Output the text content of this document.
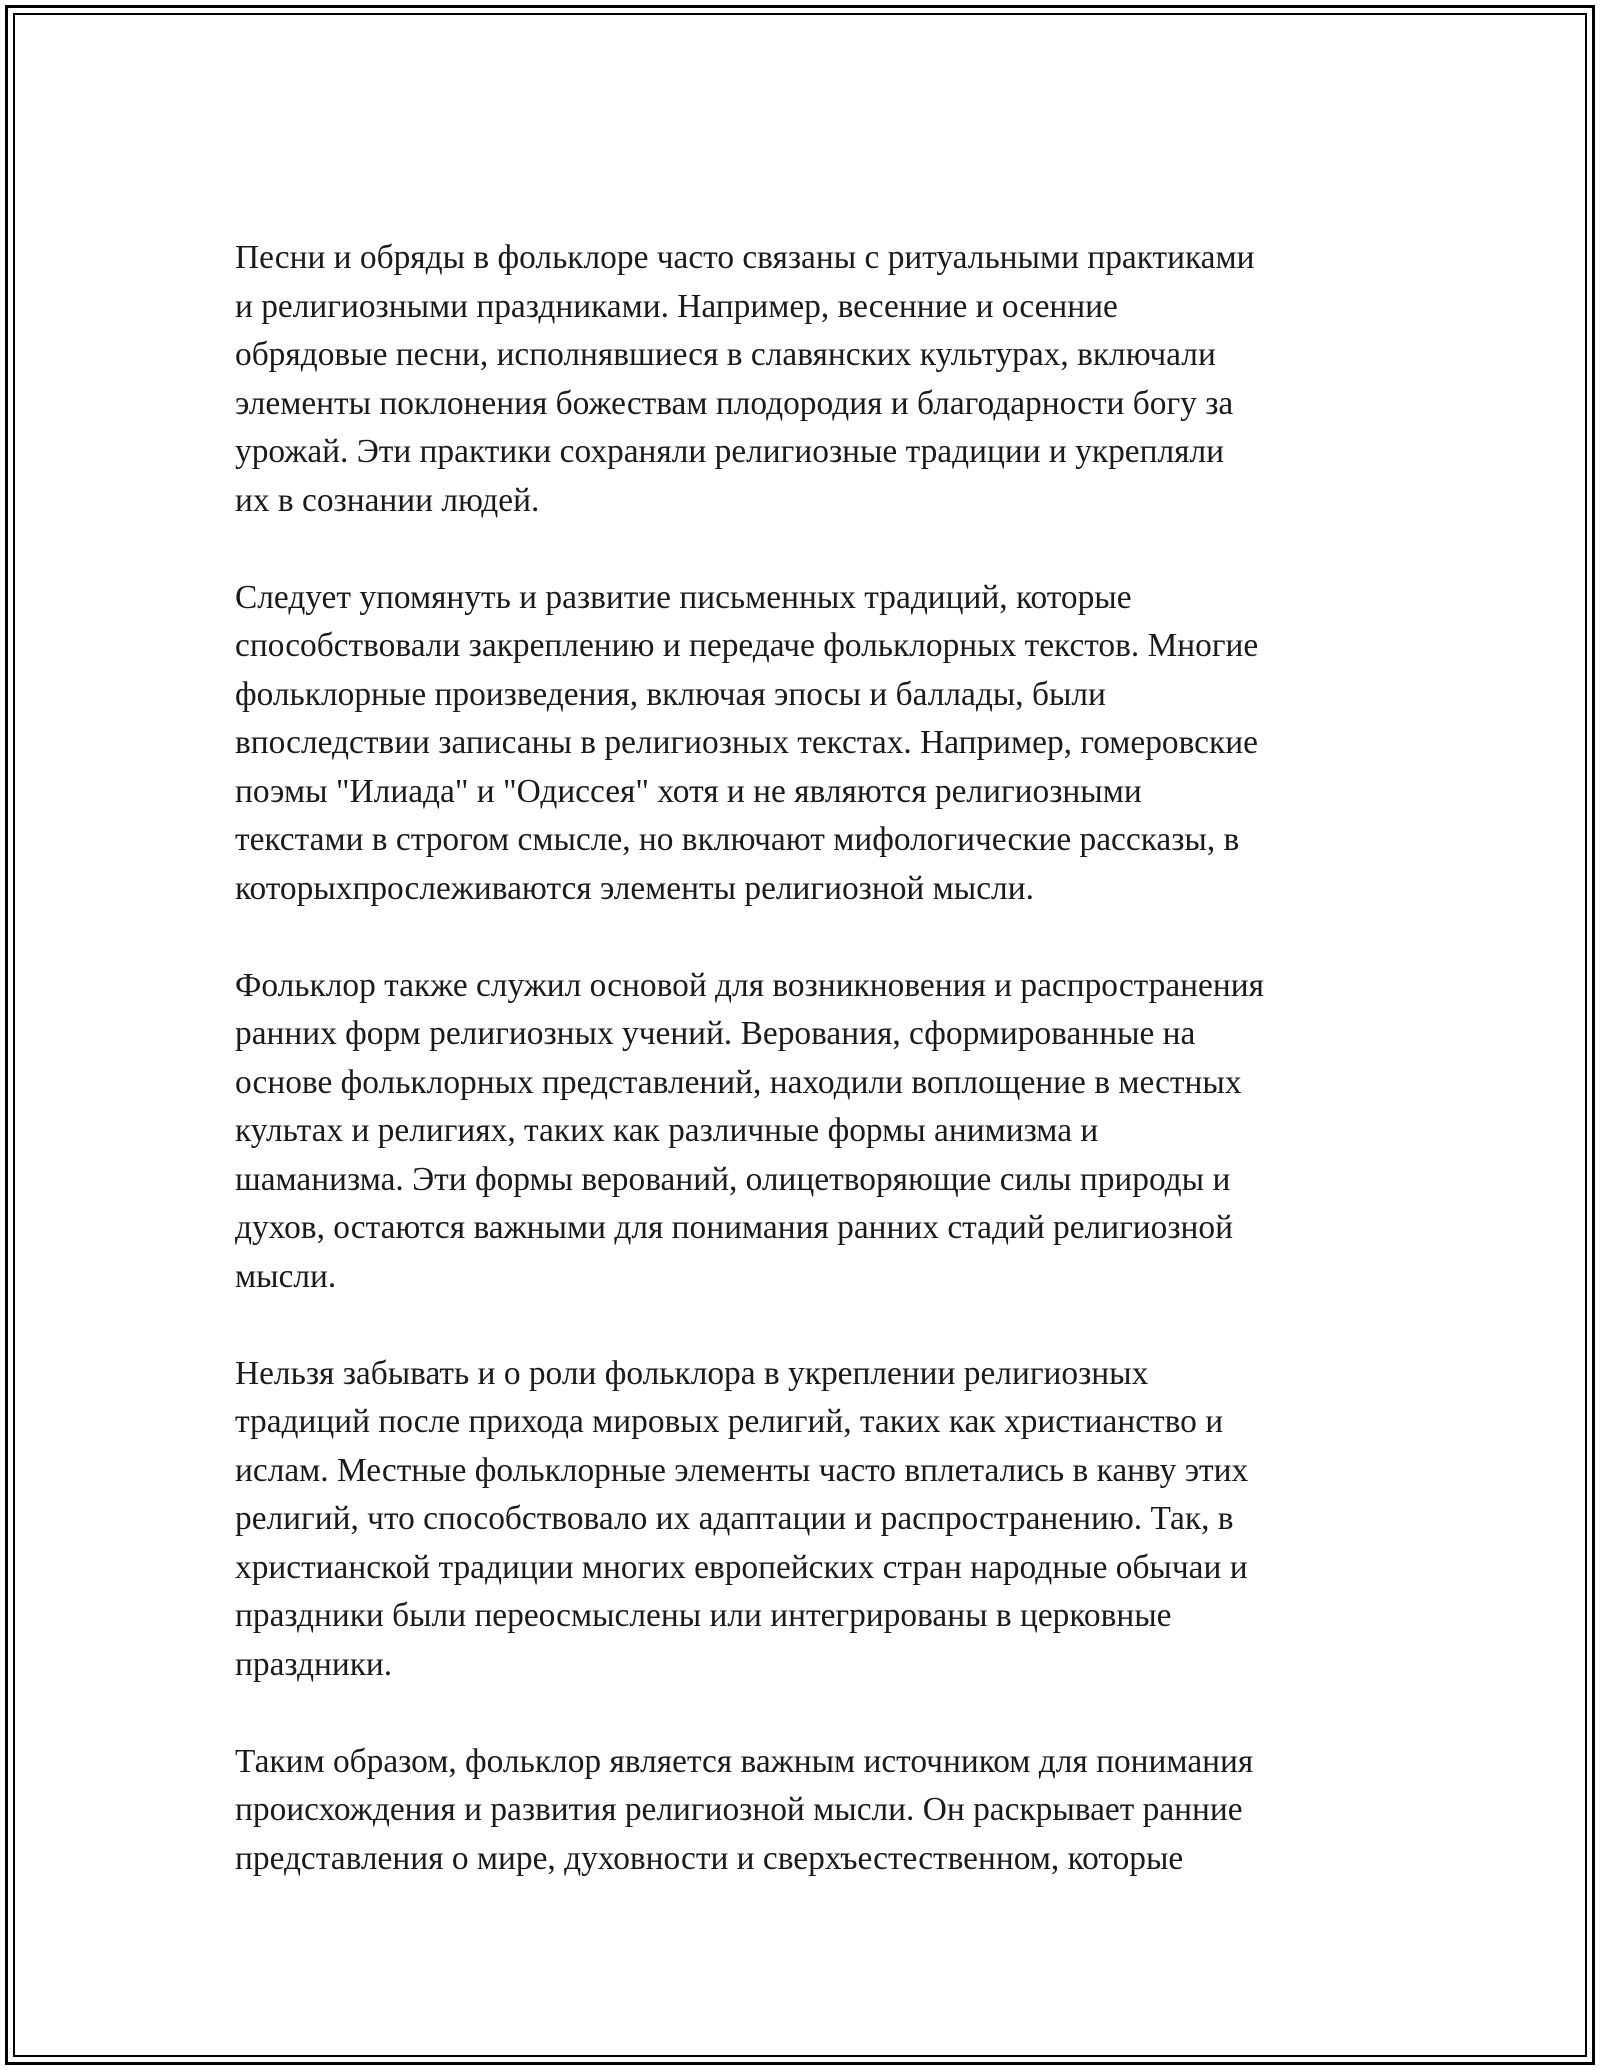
Песни и обряды в фольклоре часто связаны с ритуальными практиками
и религиозными праздниками. Например, весенние и осенние
обрядовые песни, исполнявшиеся в славянских культурах, включали
элементы поклонения божествам плодородия и благодарности богу за
урожай. Эти практики сохраняли религиозные традиции и укрепляли
их в сознании людей.

Следует упомянуть и развитие письменных традиций, которые
способствовали закреплению и передаче фольклорных текстов. Многие
фольклорные произведения, включая эпосы и баллады, были
впоследствии записаны в религиозных текстах. Например, гомеровские
поэмы "Илиада" и "Одиссея" хотя и не являются религиозными
текстами в строгом смысле, но включают мифологические рассказы, в
которыхпрослеживаются элементы религиозной мысли.

Фольклор также служил основой для возникновения и распространения
ранних форм религиозных учений. Верования, сформированные на
основе фольклорных представлений, находили воплощение в местных
культах и религиях, таких как различные формы анимизма и
шаманизма. Эти формы верований, олицетворяющие силы природы и
духов, остаются важными для понимания ранних стадий религиозной
мысли.

Нельзя забывать и о роли фольклора в укреплении религиозных
традиций после прихода мировых религий, таких как христианство и
ислам. Местные фольклорные элементы часто вплетались в канву этих
религий, что способствовало их адаптации и распространению. Так, в
христианской традиции многих европейских стран народные обычаи и
праздники были переосмыслены или интегрированы в церковные
праздники.

Таким образом, фольклор является важным источником для понимания
происхождения и развития религиозной мысли. Он раскрывает ранние
представления о мире, духовности и сверхъестественном, которые
